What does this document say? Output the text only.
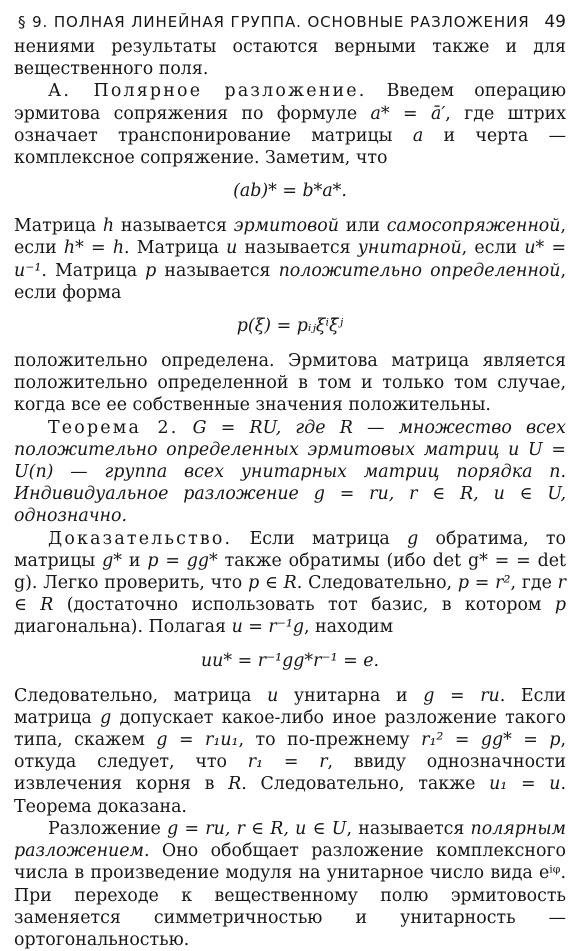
§ 9. ПОЛНАЯ ЛИНЕЙНАЯ ГРУППА. ОСНОВНЫЕ РАЗЛОЖЕНИЯ 49

нениями результаты остаются верными также и для вещественного поля.

А. Полярное разложение. Введем операцию эрмитова сопряжения по формуле a* = ā′, где штрих означает транспонирование матрицы a и черта — комплексное сопряжение. Заметим, что

(ab)* = b*a*.

Матрица h называется эрмитовой или самосопряженной, если h* = h. Матрица u называется унитарной, если u* = u⁻¹. Матрица p называется положительно определенной, если форма

p(ξ) = pᵢⱼξⁱξ̄ʲ

положительно определена. Эрмитова матрица является положительно определенной в том и только том случае, когда все ее собственные значения положительны.

Теорема 2. G = RU, где R — множество всех положительно определенных эрмитовых матриц и U = U(n) — группа всех унитарных матриц порядка n. Индивидуальное разложение g = ru, r ∈ R, u ∈ U, однозначно.

Доказательство. Если матрица g обратима, то матрицы g* и p = gg* также обратимы (ибо det g* = = det g). Легко проверить, что p ∈ R. Следовательно, p = r², где r ∈ R (достаточно использовать тот базис, в котором p диагональна). Полагая u = r⁻¹g, находим

uu* = r⁻¹gg*r⁻¹ = e.

Следовательно, матрица u унитарна и g = ru. Если матрица g допускает какое-либо иное разложение такого типа, скажем g = r₁u₁, то по-прежнему r₁² = gg* = p, откуда следует, что r₁ = r, ввиду однозначности извлечения корня в R. Следовательно, также u₁ = u. Теорема доказана.

Разложение g = ru, r ∈ R, u ∈ U, называется полярным разложением. Оно обобщает разложение комплексного числа в произведение модуля на унитарное число вида eⁱᵠ. При переходе к вещественному полю эрмитовость заменяется симметричностью и унитарность — ортогональностью.
